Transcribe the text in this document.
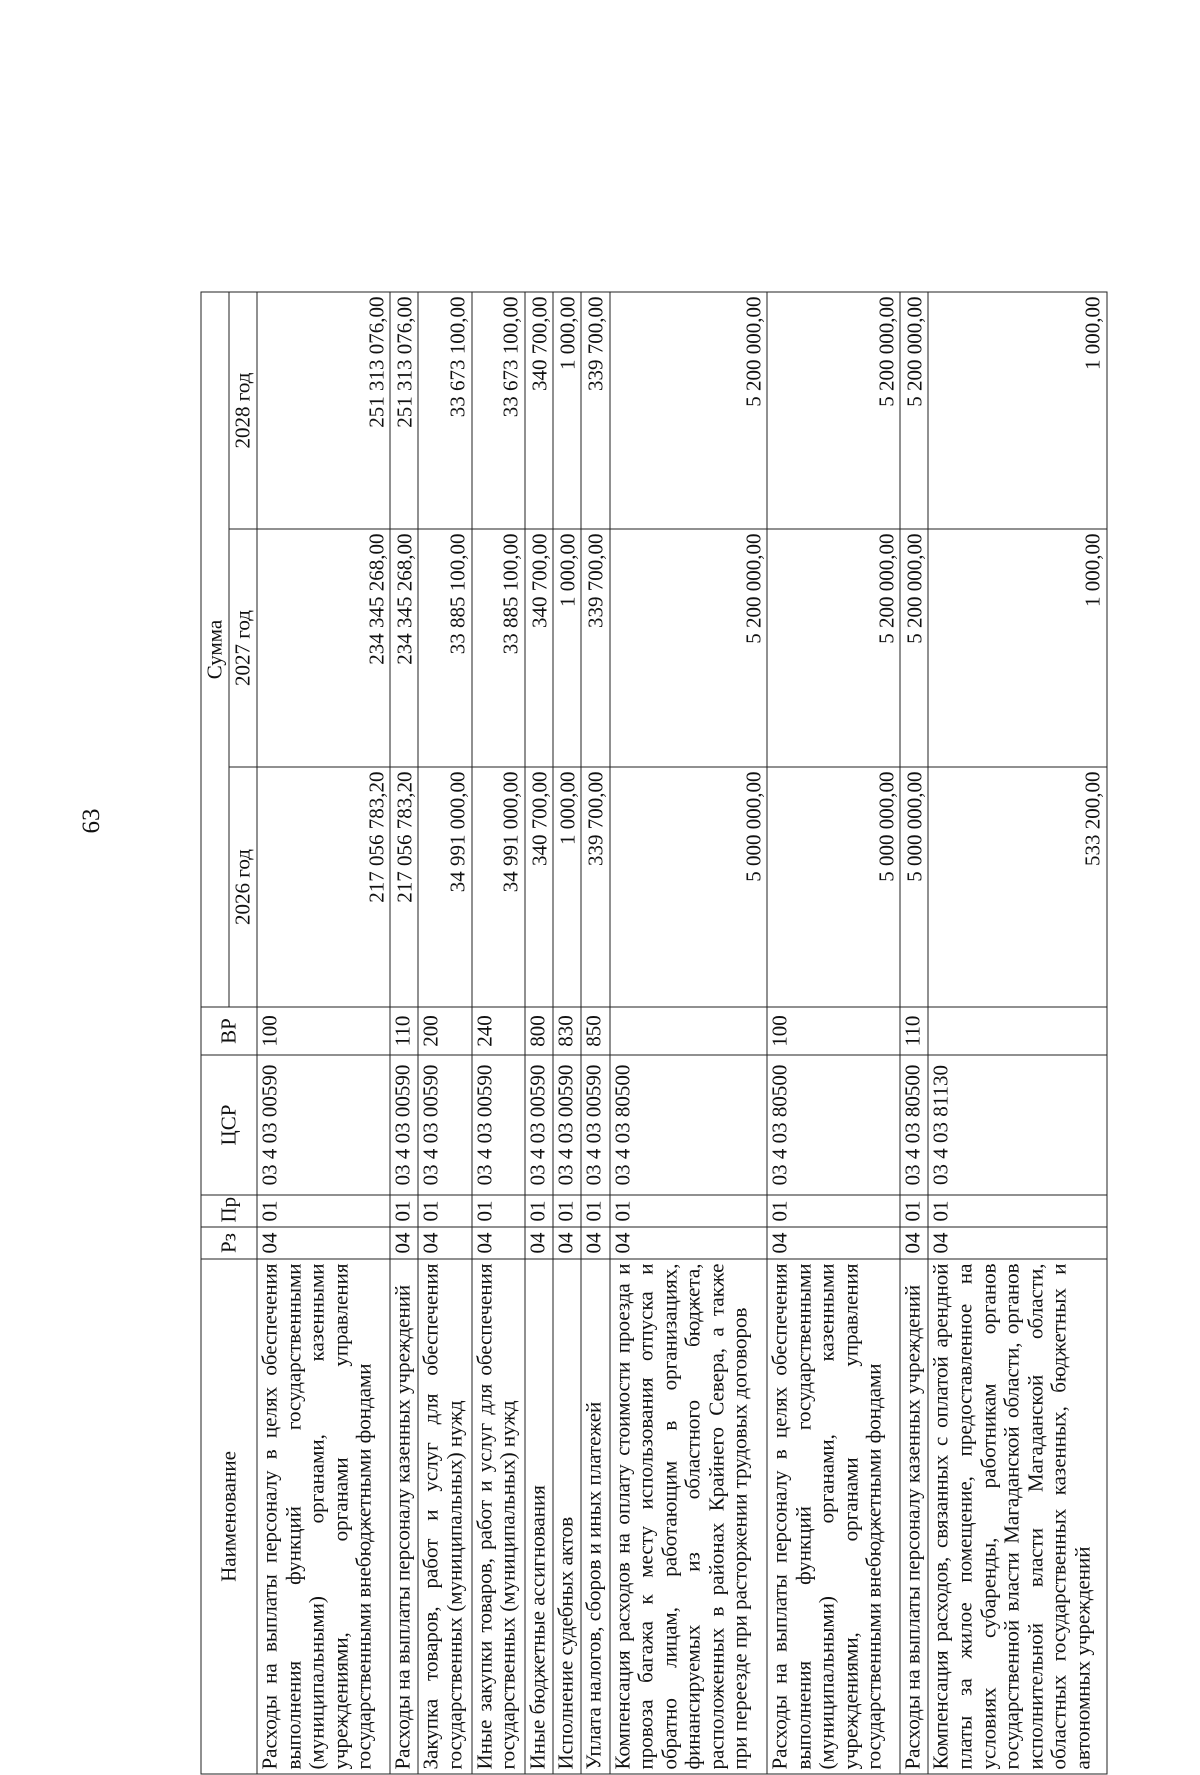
63
Наименование	Рз	Пр	ЦСР	ВР	Сумма		
					2026 год	2027 год	2028 год
Расходы на выплаты персоналу в целях обеспечения выполнения функций государственными (муниципальными) органами, казенными учреждениями, органами управления государственными внебюджетными фондами	04	01	03 4 03 00590	100	217 056 783,20	234 345 268,00	251 313 076,00
Расходы на выплаты персоналу казенных учреждений	04	01	03 4 03 00590	110	217 056 783,20	234 345 268,00	251 313 076,00
Закупка товаров, работ и услуг для обеспечения государственных (муниципальных) нужд	04	01	03 4 03 00590	200	34 991 000,00	33 885 100,00	33 673 100,00
Иные закупки товаров, работ и услуг для обеспечения государственных (муниципальных) нужд	04	01	03 4 03 00590	240	34 991 000,00	33 885 100,00	33 673 100,00
Иные бюджетные ассигнования	04	01	03 4 03 00590	800	340 700,00	340 700,00	340 700,00
Исполнение судебных актов	04	01	03 4 03 00590	830	1 000,00	1 000,00	1 000,00
Уплата налогов, сборов и иных платежей	04	01	03 4 03 00590	850	339 700,00	339 700,00	339 700,00
Компенсация расходов на оплату стоимости проезда и провоза багажа к месту использования отпуска и обратно лицам, работающим в организациях, финансируемых из областного бюджета, расположенных в районах Крайнего Севера, а также при переезде при расторжении трудовых договоров	04	01	03 4 03 80500		5 000 000,00	5 200 000,00	5 200 000,00
Расходы на выплаты персоналу в целях обеспечения выполнения функций государственными (муниципальными) органами, казенными учреждениями, органами управления государственными внебюджетными фондами	04	01	03 4 03 80500	100	5 000 000,00	5 200 000,00	5 200 000,00
Расходы на выплаты персоналу казенных учреждений	04	01	03 4 03 80500	110	5 000 000,00	5 200 000,00	5 200 000,00
Компенсация расходов, связанных с оплатой арендной платы за жилое помещение, предоставленное на условиях субаренды, работникам органов государственной власти Магаданской области, органов исполнительной власти Магаданской области, областных государственных казенных, бюджетных и автономных учреждений	04	01	03 4 03 81130		533 200,00	1 000,00	1 000,00
